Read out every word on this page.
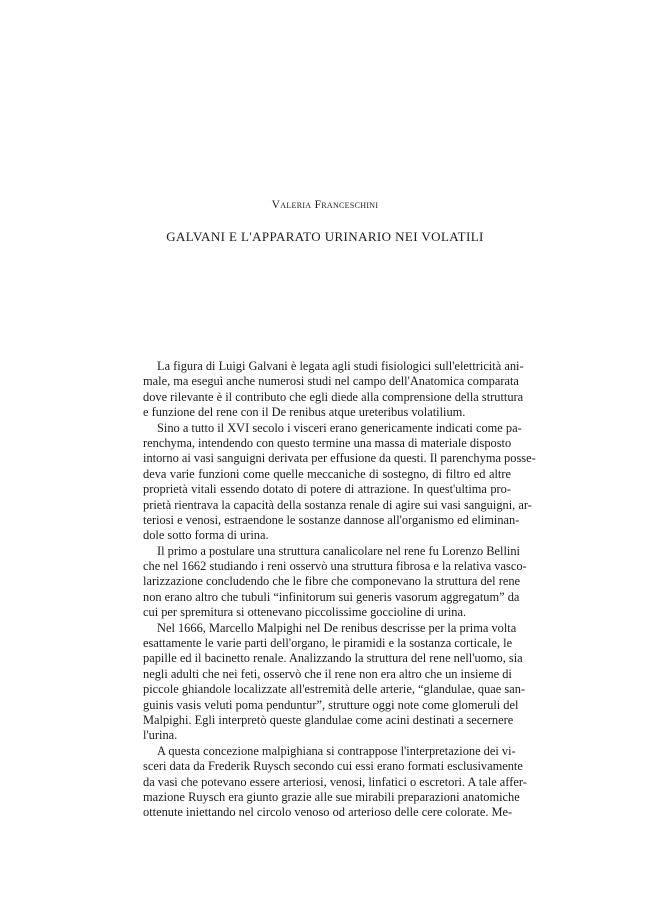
Valeria Franceschini
GALVANI E L'APPARATO URINARIO NEI VOLATILI
La figura di Luigi Galvani è legata agli studi fisiologici sull'elettricità ani-
male, ma eseguì anche numerosi studi nel campo dell'Anatomica comparata
dove rilevante è il contributo che egli diede alla comprensione della struttura
e funzione del rene con il De renibus atque ureteribus volatilium.
Sino a tutto il XVI secolo i visceri erano genericamente indicati come pa-
renchyma, intendendo con questo termine una massa di materiale disposto
intorno ai vasi sanguigni derivata per effusione da questi. Il parenchyma posse-
deva varie funzioni come quelle meccaniche di sostegno, di filtro ed altre
proprietà vitali essendo dotato di potere di attrazione. In quest'ultima pro-
prietà rientrava la capacità della sostanza renale di agire sui vasi sanguigni, ar-
teriosi e venosi, estraendone le sostanze dannose all'organismo ed eliminan-
dole sotto forma di urina.
Il primo a postulare una struttura canalicolare nel rene fu Lorenzo Bellini
che nel 1662 studiando i reni osservò una struttura fibrosa e la relativa vasco-
larizzazione concludendo che le fibre che componevano la struttura del rene
non erano altro che tubuli “infinitorum sui generis vasorum aggregatum” da
cui per spremitura si ottenevano piccolissime goccioline di urina.
Nel 1666, Marcello Malpighi nel De renibus descrisse per la prima volta
esattamente le varie parti dell'organo, le piramidi e la sostanza corticale, le
papille ed il bacinetto renale. Analizzando la struttura del rene nell'uomo, sia
negli adulti che nei feti, osservò che il rene non era altro che un insieme di
piccole ghiandole localizzate all'estremità delle arterie, “glandulae, quae san-
guinis vasis veluti poma penduntur”, strutture oggi note come glomeruli del
Malpighi. Egli interpretò queste glandulae come acini destinati a secernere
l'urina.
A questa concezione malpighiana si contrappose l'interpretazione dei vi-
sceri data da Frederik Ruysch secondo cui essi erano formati esclusivamente
da vasi che potevano essere arteriosi, venosi, linfatici o escretori. A tale affer-
mazione Ruysch era giunto grazie alle sue mirabili preparazioni anatomiche
ottenute iniettando nel circolo venoso od arterioso delle cere colorate. Me-
